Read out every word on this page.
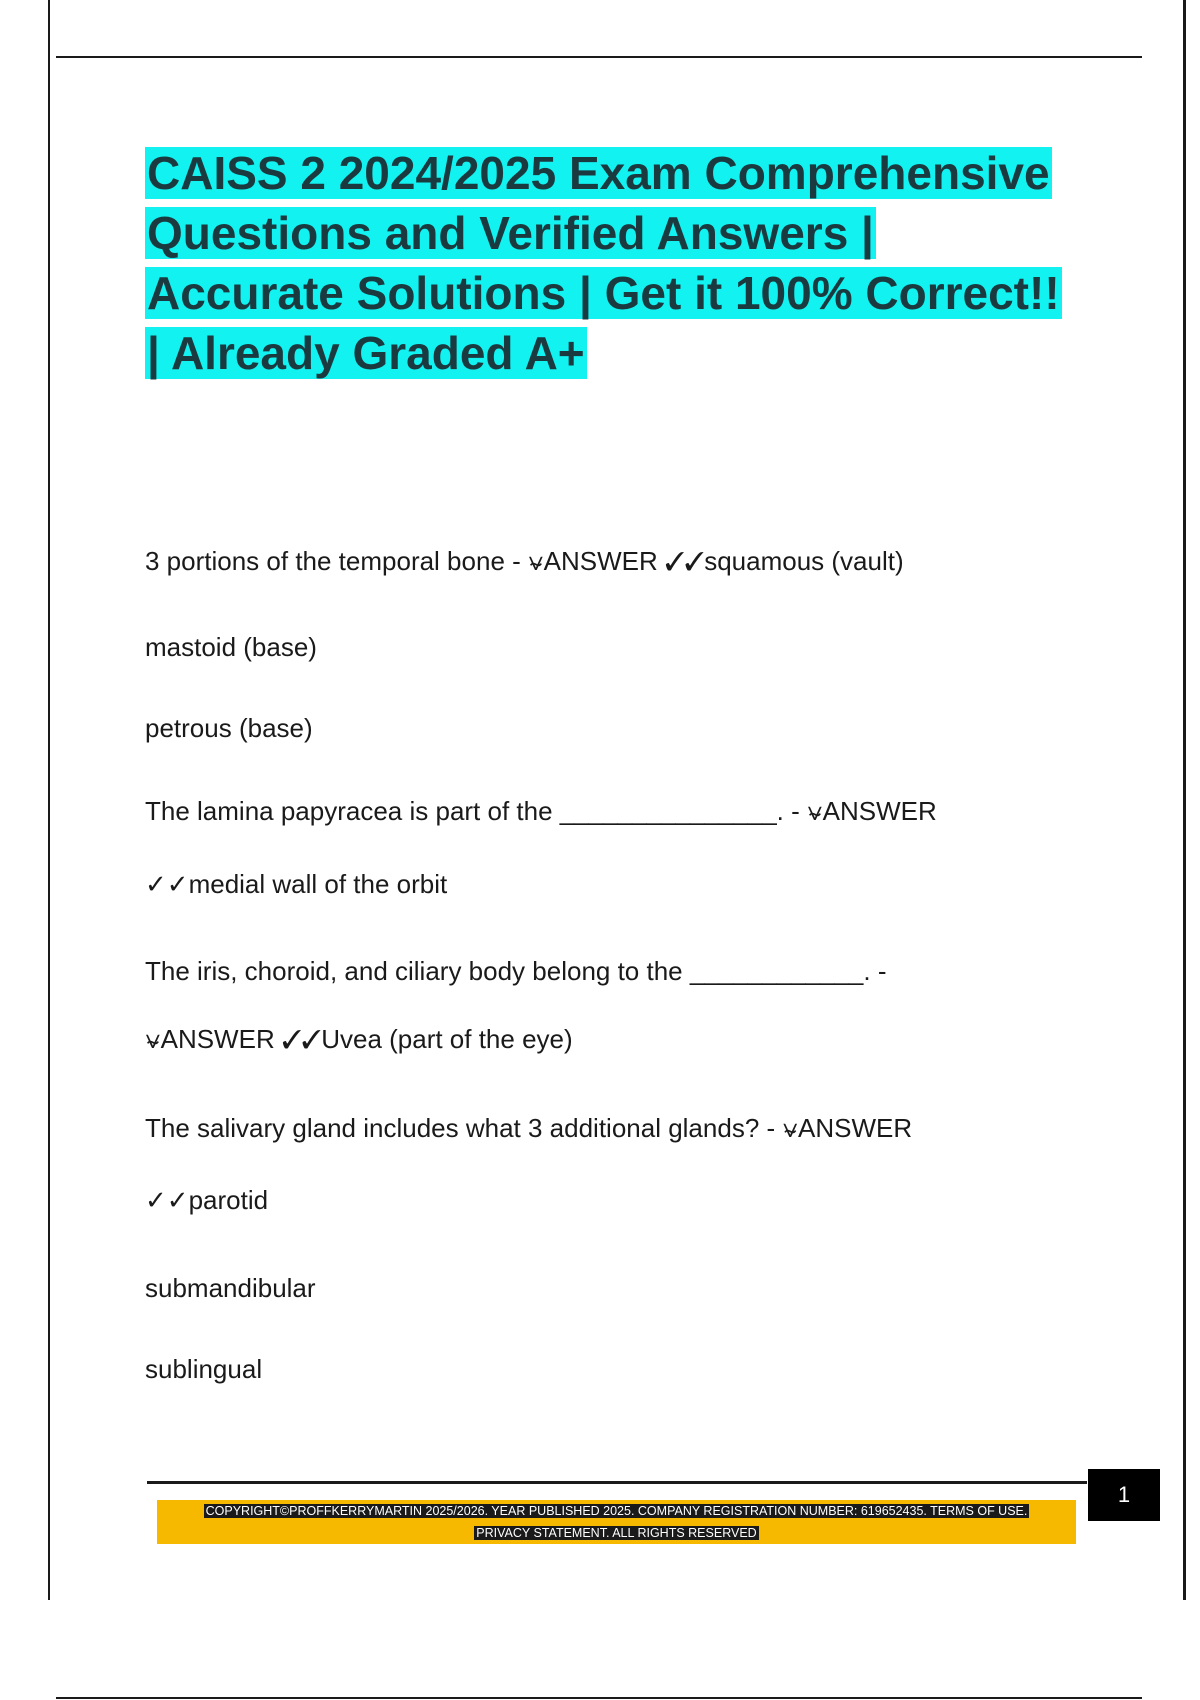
CAISS 2 2024/2025 Exam Comprehensive Questions and Verified Answers | Accurate Solutions | Get it 100% Correct!! | Already Graded A+
3 portions of the temporal bone - ⍱ANSWER ✓✓squamous (vault)
mastoid (base)
petrous (base)
The lamina papyracea is part of the _______________. - ⍱ANSWER
✓✓medial wall of the orbit
The iris, choroid, and ciliary body belong to the ____________. -
⍱ANSWER ✓✓Uvea (part of the eye)
The salivary gland includes what 3 additional glands? - ⍱ANSWER
✓✓parotid
submandibular
sublingual
COPYRIGHT©PROFFKERRYMARTIN 2025/2026. YEAR PUBLISHED 2025. COMPANY REGISTRATION NUMBER: 619652435. TERMS OF USE.
PRIVACY STATEMENT. ALL RIGHTS RESERVED
1
